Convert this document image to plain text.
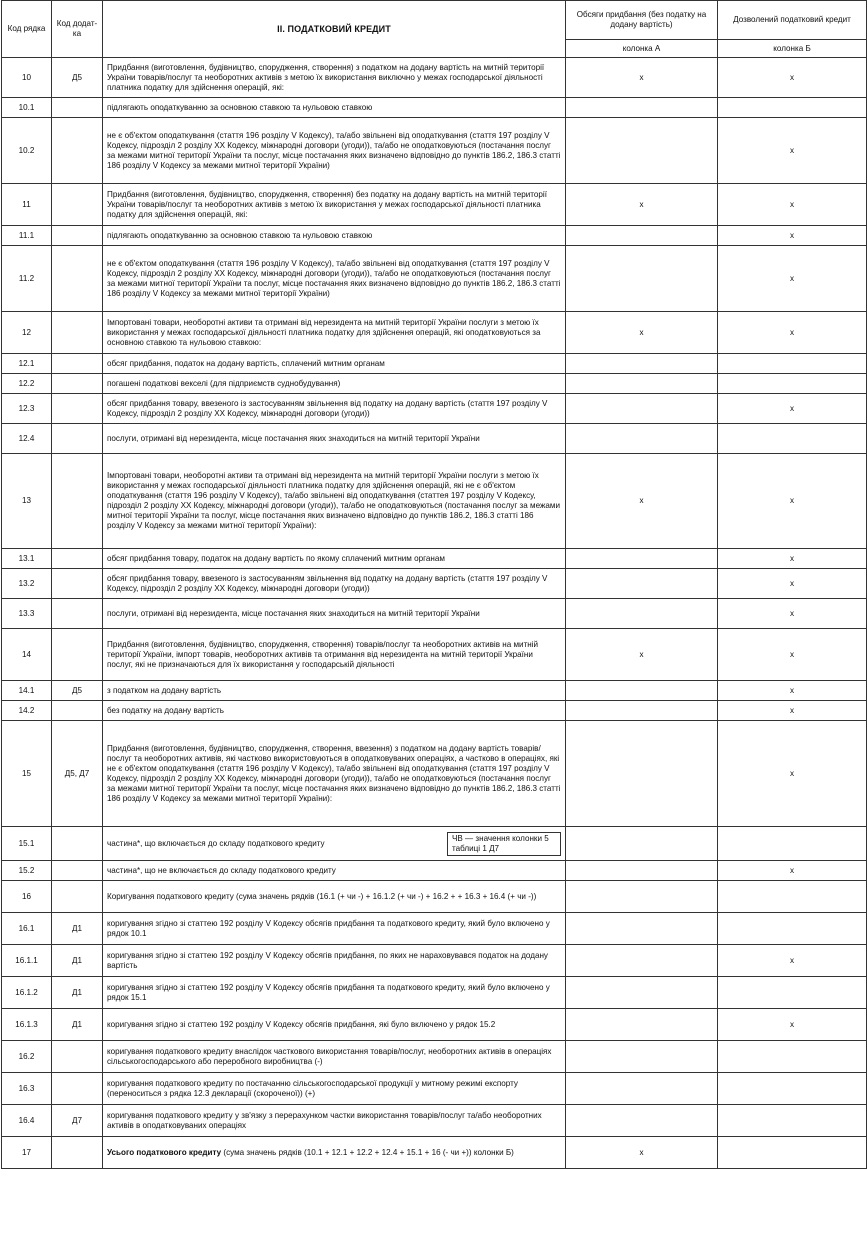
Код рядка	Код додат-ка	II. ПОДАТКОВИЙ КРЕДИТ	Обсяги придбання (без податку на додану вартість)	Дозволений податковий кредит
			колонка А	колонка Б
10	Д5	Придбання (виготовлення, будівництво, спорудження, створення) з податком на додану вартість на митній території України товарів/послуг та необоротних активів з метою їх використання виключно у межах господарської діяльності платника податку для здійснення операцій, які:	x	x
10.1		підлягають оподаткуванню за основною ставкою та нульовою ставкою		
10.2		не є об'єктом оподаткування (стаття 196 розділу V Кодексу), та/або звільнені від оподаткування (стаття 197 розділу V Кодексу, підрозділ 2 розділу XX Кодексу, міжнародні договори (угоди)), та/або не оподатковуються (постачання послуг за межами митної території України та послуг, місце постачання яких визначено відповідно до пунктів 186.2, 186.3 статті 186 розділу V Кодексу за межами митної території України)		x
11		Придбання (виготовлення, будівництво, спорудження, створення) без податку на додану вартість на митній території України товарів/послуг та необоротних активів з метою їх використання у межах господарської діяльності платника податку для здійснення операцій, які:	x	x
11.1		підлягають оподаткуванню за основною ставкою та нульовою ставкою		x
11.2		не є об'єктом оподаткування (стаття 196 розділу V Кодексу), та/або звільнені від оподаткування (стаття 197 розділу V Кодексу, підрозділ 2 розділу XX Кодексу, міжнародні договори (угоди)), та/або не оподатковуються (постачання послуг за межами митної території України та послуг, місце постачання яких визначено відповідно до пунктів 186.2, 186.3 статті 186 розділу V Кодексу за межами митної території України)		x
12		Імпортовані товари, необоротні активи та отримані від нерезидента на митній території України послуги з метою їх використання у межах господарської діяльності платника податку для здійснення операцій, які оподатковуються за основною ставкою та нульовою ставкою:	x	x
12.1		обсяг придбання, податок на додану вартість, сплачений митним органам		
12.2		погашені податкові векселі (для підприємств суднобудування)		
12.3		обсяг придбання товару, ввезеного із застосуванням звільнення від податку на додану вартість (стаття 197 розділу V Кодексу, підрозділ 2 розділу XX Кодексу, міжнародні договори (угоди))		x
12.4		послуги, отримані від нерезидента, місце постачання яких знаходиться на митній території України		
13		Імпортовані товари, необоротні активи та отримані від нерезидента на митній території України послуги з метою їх використання у межах господарської діяльності платника податку для здійснення операцій, які не є об'єктом оподаткування (стаття 196 розділу V Кодексу), та/або звільнені від оподаткування (статтея 197 розділу V Кодексу, підрозділ 2 розділу XX Кодексу, міжнародні договори (угоди)), та/або не оподатковуються (постачання послуг за межами митної території України та послуг, місце постачання яких визначено відповідно до пунктів 186.2, 186.3 статті 186 розділу V Кодексу за межами митної території України):	x	x
13.1		обсяг придбання товару, податок на додану вартість по якому сплачений митним органам		x
13.2		обсяг придбання товару, ввезеного із застосуванням звільнення від податку на додану вартість (стаття 197 розділу V Кодексу, підрозділ 2 розділу XX Кодексу, міжнародні договори (угоди))		x
13.3		послуги, отримані від нерезидента, місце постачання яких знаходиться на митній території України		x
14		Придбання (виготовлення, будівництво, спорудження, створення) товарів/послуг та необоротних активів на митній території України, імпорт товарів, необоротних активів та отримання від нерезидента на митній території України послуг, які не призначаються для їх використання у господарській діяльності	x	x
14.1	Д5	з податком на додану вартість		x
14.2		без податку на додану вартість		x
15	Д5, Д7	Придбання (виготовлення, будівництво, спорудження, створення, ввезення) з податком на додану вартість товарів/послуг та необоротних активів, які частково використовуються в оподатковуваних операціях, а частково в операціях, які не є об'єктом оподаткування (стаття 196 розділу V Кодексу), та/або звільнені від оподаткування (стаття 197 розділу V Кодексу, підрозділ 2 розділу XX Кодексу, міжнародні договори (угоди)), та/або не оподатковуються (постачання послуг за межами митної території України та послуг, місце постачання яких визначено відповідно до пунктів 186.2, 186.3 статті 186 розділу V Кодексу за межами митної території України):		x
15.1		частина*, що включається до складу податкового кредиту
ЧВ — значення колонки 5 таблиці 1 Д7		

15.2		частина*, що не включається до складу податкового кредиту		x
16		Коригування податкового кредиту (сума значень рядків (16.1 (+ чи -) + 16.1.2 (+ чи -) + 16.2 + + 16.3 + 16.4 (+ чи -))		
16.1	Д1	коригування згідно зі статтею 192 розділу V Кодексу обсягів придбання та податкового кредиту, який було включено у рядок 10.1		
16.1.1	Д1	коригування згідно зі статтею 192 розділу V Кодексу обсягів придбання, по яких не нараховувався податок на додану вартість		x
16.1.2	Д1	коригування згідно зі статтею 192 розділу V Кодексу обсягів придбання та податкового кредиту, який було включено у рядок 15.1		
16.1.3	Д1	коригування згідно зі статтею 192 розділу V Кодексу обсягів придбання, які було включено у рядок 15.2		x
16.2		коригування податкового кредиту внаслідок часткового використання товарів/послуг, необоротних активів в операціях сільськогосподарського або переробного виробництва (-)		
16.3		коригування податкового кредиту по постачанню сільськогосподарської продукції у митному режимі експорту (переноситься з рядка 12.3 декларації (скороченої)) (+)		
16.4	Д7	коригування податкового кредиту у зв'язку з перерахунком частки використання товарів/послуг та/або необоротних активів в оподатковуваних операціях		
17		Усього податкового кредиту (сума значень рядків (10.1 + 12.1 + 12.2 + 12.4 + 15.1 + 16 (- чи +)) колонки Б)	x	
